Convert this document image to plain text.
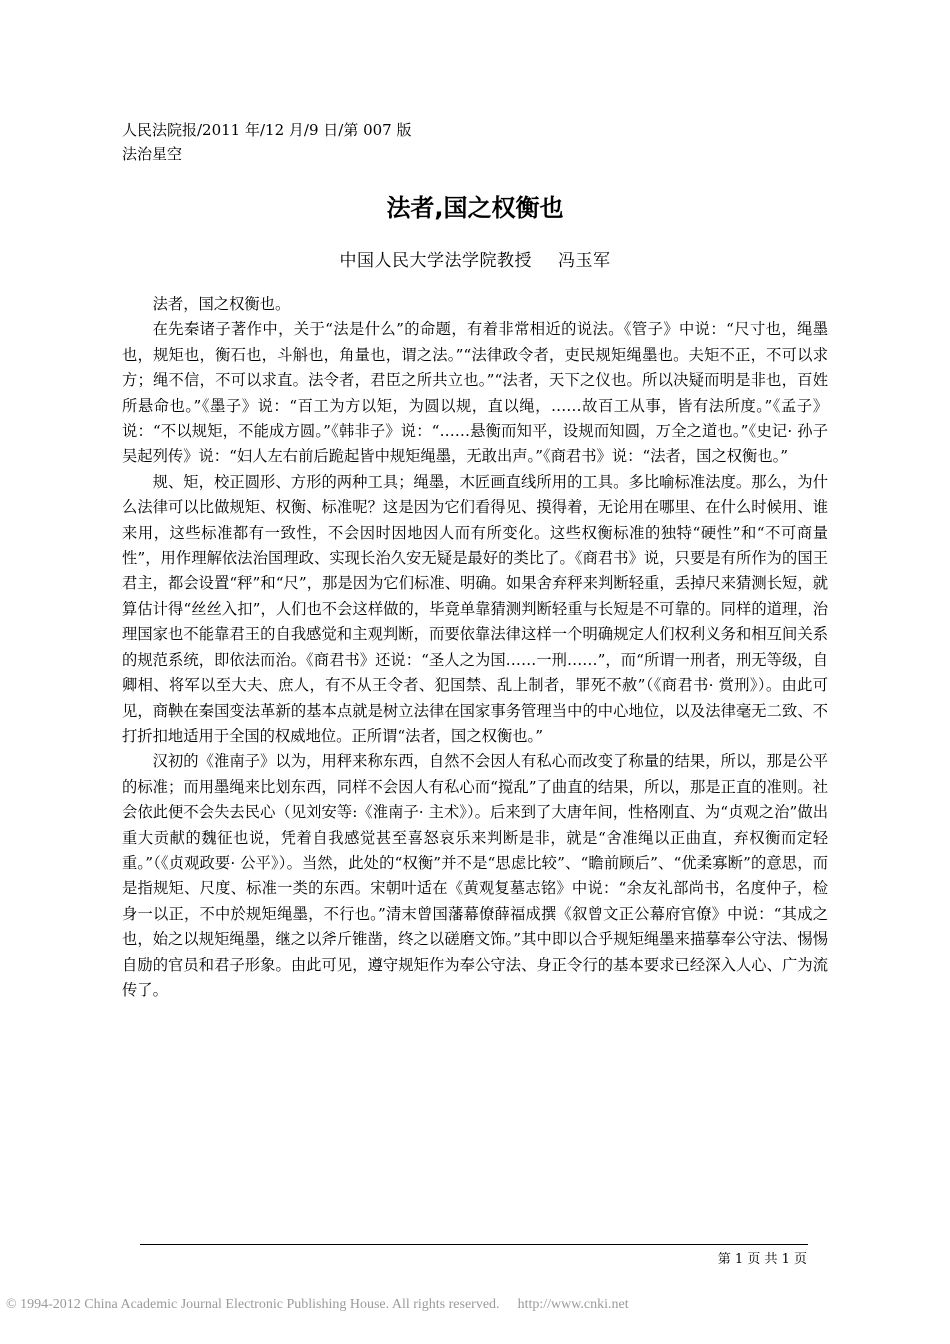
人民法院报/2011 年/12 月/9 日/第 007 版
法治星空
法者,国之权衡也
中国人民大学法学院教授 冯玉军

法者，国之权衡也。

在先秦诸子著作中，关于“法是什么”的命题，有着非常相近的说法。《管子》中说：“尺寸也，绳墨也，规矩也，衡石也，斗斛也，角量也，谓之法。”“法律政令者，吏民规矩绳墨也。夫矩不正，不可以求方；绳不信，不可以求直。法令者，君臣之所共立也。”“法者，天下之仪也。所以决疑而明是非也，百姓所悬命也。”《墨子》说：“百工为方以矩，为圆以规，直以绳，……故百工从事，皆有法所度。”《孟子》说：“不以规矩，不能成方圆。”《韩非子》说：“……悬衡而知平，设规而知圆，万全之道也。”《史记· 孙子吴起列传》说：“妇人左右前后跪起皆中规矩绳墨，无敢出声。”《商君书》说：“法者，国之权衡也。”

规、矩，校正圆形、方形的两种工具；绳墨，木匠画直线所用的工具。多比喻标准法度。那么，为什么法律可以比做规矩、权衡、标准呢？这是因为它们看得见、摸得着，无论用在哪里、在什么时候用、谁来用，这些标准都有一致性，不会因时因地因人而有所变化。这些权衡标准的独特“硬性”和“不可商量性”，用作理解依法治国理政、实现长治久安无疑是最好的类比了。《商君书》说，只要是有所作为的国王君主，都会设置“秤”和“尺”，那是因为它们标准、明确。如果舍弃秤来判断轻重，丢掉尺来猜测长短，就算估计得“丝丝入扣”，人们也不会这样做的，毕竟单靠猜测判断轻重与长短是不可靠的。同样的道理，治理国家也不能靠君王的自我感觉和主观判断，而要依靠法律这样一个明确规定人们权利义务和相互间关系的规范系统，即依法而治。《商君书》还说：“圣人之为国……一刑……”，而“所谓一刑者，刑无等级，自卿相、将军以至大夫、庶人，有不从王令者、犯国禁、乱上制者，罪死不赦”（《商君书· 赏刑》）。由此可见，商鞅在秦国变法革新的基本点就是树立法律在国家事务管理当中的中心地位，以及法律毫无二致、不打折扣地适用于全国的权威地位。正所谓“法者，国之权衡也。”

汉初的《淮南子》以为，用秤来称东西，自然不会因人有私心而改变了称量的结果，所以，那是公平的标准；而用墨绳来比划东西，同样不会因人有私心而“搅乱”了曲直的结果，所以，那是正直的准则。社会依此便不会失去民心（见刘安等:《淮南子· 主术》）。后来到了大唐年间，性格刚直、为“贞观之治”做出重大贡献的魏征也说，凭着自我感觉甚至喜怒哀乐来判断是非，就是“舍准绳以正曲直，弃权衡而定轻重。”（《贞观政要· 公平》）。当然，此处的“权衡”并不是“思虑比较”、“瞻前顾后”、“优柔寡断”的意思，而是指规矩、尺度、标准一类的东西。宋朝叶适在《黄观复墓志铭》中说：“余友礼部尚书，名度仲子，检身一以正，不中於规矩绳墨，不行也。”清末曾国藩幕僚薛福成撰《叙曾文正公幕府官僚》中说：“其成之也，始之以规矩绳墨，继之以斧斤锥凿，终之以磋磨文饰。”其中即以合乎规矩绳墨来描摹奉公守法、惕惕自励的官员和君子形象。由此可见，遵守规矩作为奉公守法、身正令行的基本要求已经深入人心、广为流传了。

第 1 页 共 1 页
© 1994-2012 China Academic Journal Electronic Publishing House. All rights reserved. http://www.cnki.net
